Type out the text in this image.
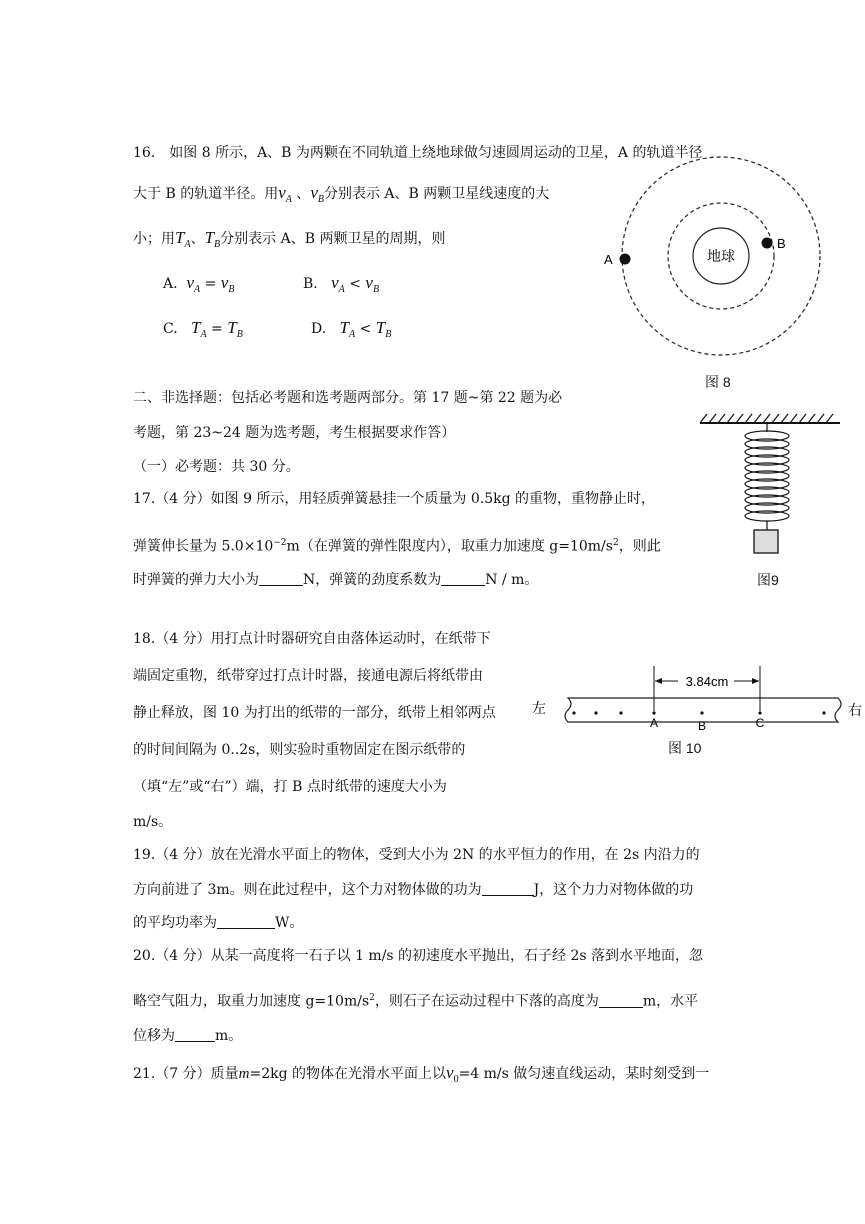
16.　如图 8 所示，A、B 为两颗在不同轨道上绕地球做匀速圆周运动的卫星，A 的轨道半径
大于 B 的轨道半径。用$v_A$ 、$v_B$分别表示 A、B 两颗卫星线速度的大
小；用$T_A$、$T_B$分别表示 A、B 两颗卫星的周期，则
A. $v_A = v_B$	B. $v_A < v_B$
C. $T_A = T_B$	D. $T_A < T_B$
地球
A
B
图 8
二、非选择题：包括必考题和选考题两部分。第 17 题~第 22 题为必
考题，第 23~24 题为选考题，考生根据要求作答）
（一）必考题：共 30 分。
17.（4 分）如图 9 所示，用轻质弹簧悬挂一个质量为 0.5kg 的重物，重物静止时，
弹簧伸长量为 $5.0\times 10^{-2}m$（在弹簧的弹性限度内），取重力加速度 $g=10m/s^2$，则此
时弹簧的弹力大小为	N，弹簧的劲度系数为	N / m。	图9
18.（4 分）用打点计时器研究自由落体运动时，在纸带下
端固定重物，纸带穿过打点计时器，接通电源后将纸带由
静止释放，图 10 为打出的纸带的一部分，纸带上相邻两点
的时间间隔为 0..2s，则实验时重物固定在图示纸带的
（填“左”或“右”）端，打 B 点时纸带的速度大小为
m/s。
左	右
3.84cm
A	B	C
图 10
19.（4 分）放在光滑水平面上的物体，受到大小为 2N 的水平恒力的作用，在 2s 内沿力的
方向前进了 3m。则在此过程中，这个力对物体做的功为	J，这个力力对物体做的功
的平均功率为	W。
20.（4 分）从某一高度将一石子以 1 m/s 的初速度水平抛出，石子经 2s 落到水平地面，忽
略空气阻力，取重力加速度 $g=10m/s^2$，则石子在运动过程中下落的高度为	m，水平
位移为	m。
21.（7 分）质量m=2kg 的物体在光滑水平面上以$v_0=4$ m/s 做匀速直线运动，某时刻受到一
